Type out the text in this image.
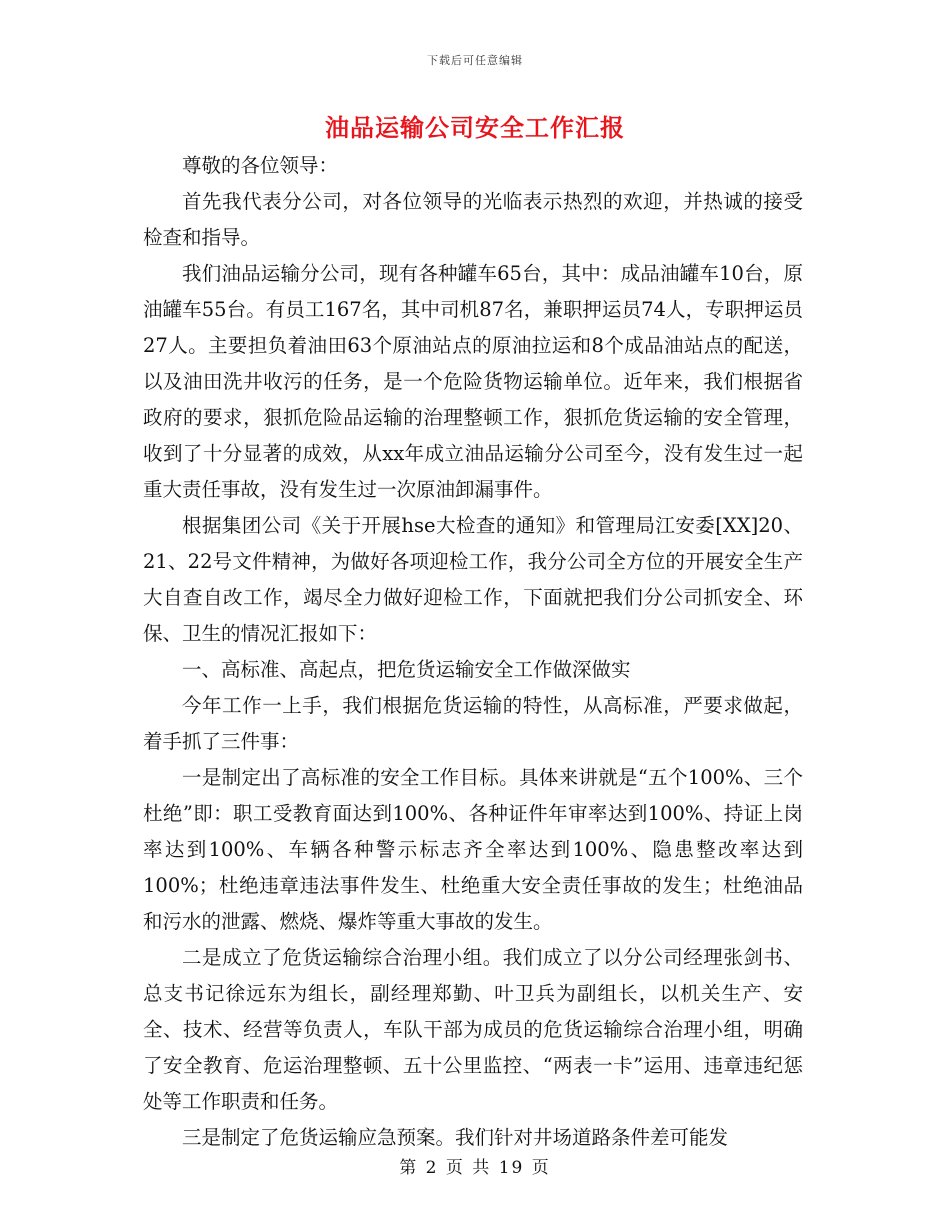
下载后可任意编辑
油品运输公司安全工作汇报

尊敬的各位领导：

首先我代表分公司，对各位领导的光临表示热烈的欢迎，并热诚的接受检查和指导。

我们油品运输分公司，现有各种罐车65台，其中：成品油罐车10台，原油罐车55台。有员工167名，其中司机87名，兼职押运员74人，专职押运员27人。主要担负着油田63个原油站点的原油拉运和8个成品油站点的配送，以及油田洗井收污的任务，是一个危险货物运输单位。近年来，我们根据省政府的要求，狠抓危险品运输的治理整顿工作，狠抓危货运输的安全管理，收到了十分显著的成效，从xx年成立油品运输分公司至今，没有发生过一起重大责任事故，没有发生过一次原油卸漏事件。

根据集团公司《关于开展hse大检查的通知》和管理局江安委[XX]20、21、22号文件精神，为做好各项迎检工作，我分公司全方位的开展安全生产大自查自改工作，竭尽全力做好迎检工作，下面就把我们分公司抓安全、环保、卫生的情况汇报如下：

一、高标准、高起点，把危货运输安全工作做深做实

今年工作一上手，我们根据危货运输的特性，从高标准，严要求做起，着手抓了三件事：

一是制定出了高标准的安全工作目标。具体来讲就是“五个100%、三个杜绝”即：职工受教育面达到100%、各种证件年审率达到100%、持证上岗率达到100%、车辆各种警示标志齐全率达到100%、隐患整改率达到100%；杜绝违章违法事件发生、杜绝重大安全责任事故的发生；杜绝油品和污水的泄露、燃烧、爆炸等重大事故的发生。

二是成立了危货运输综合治理小组。我们成立了以分公司经理张剑书、总支书记徐远东为组长，副经理郑勤、叶卫兵为副组长，以机关生产、安全、技术、经营等负责人，车队干部为成员的危货运输综合治理小组，明确了安全教育、危运治理整顿、五十公里监控、“两表一卡”运用、违章违纪惩处等工作职责和任务。

三是制定了危货运输应急预案。我们针对井场道路条件差可能发

第 2 页 共 19 页
